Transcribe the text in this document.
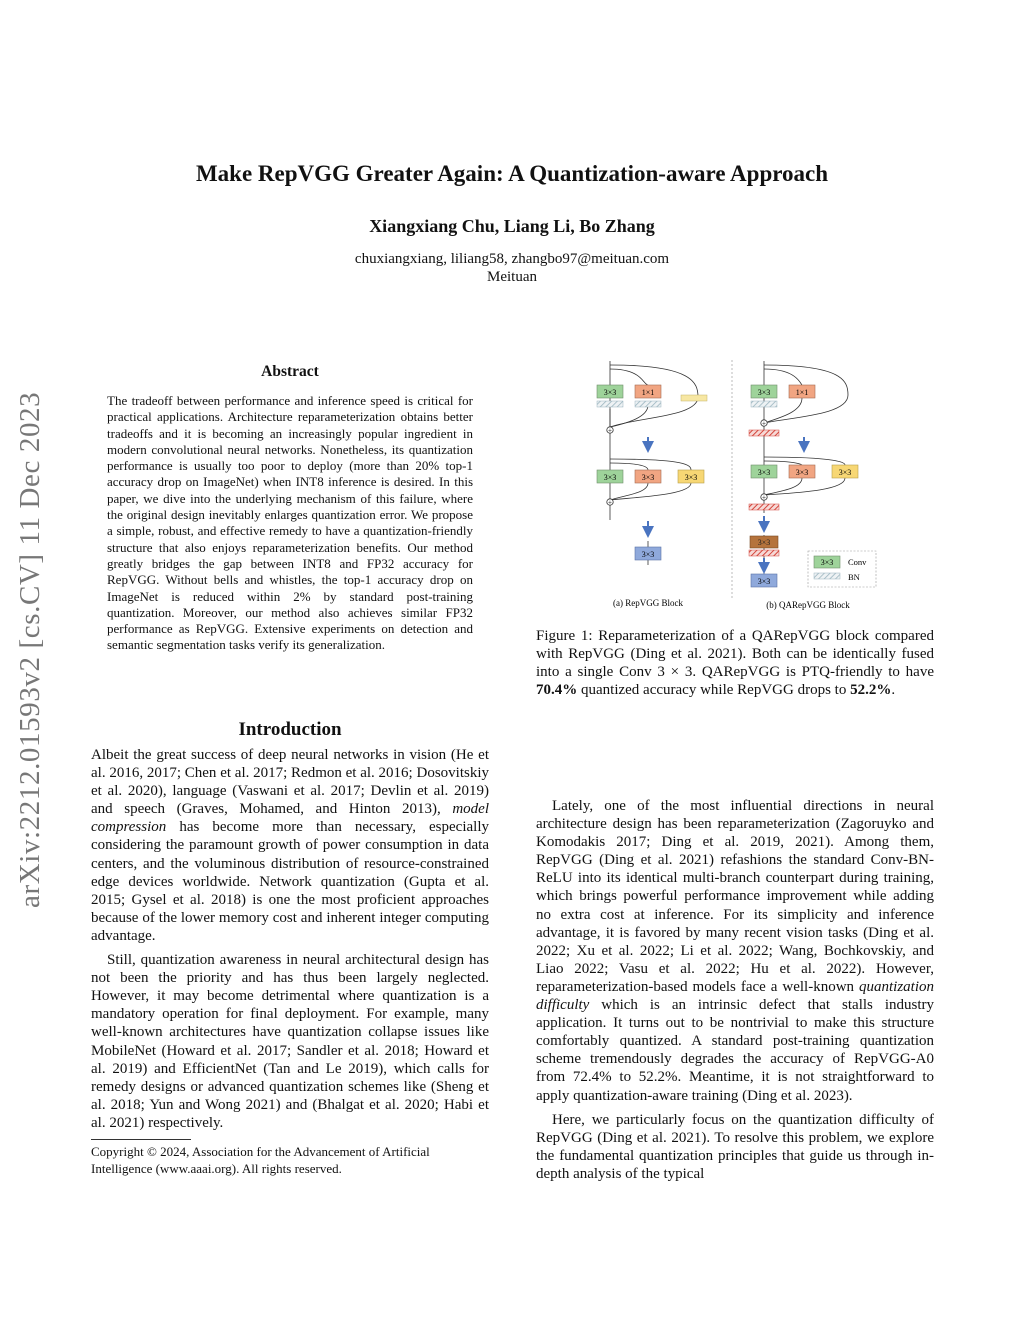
arXiv:2212.01593v2 [cs.CV] 11 Dec 2023
Make RepVGG Greater Again: A Quantization-aware Approach
Xiangxiang Chu, Liang Li, Bo Zhang
chuxiangxiang, liliang58, zhangbo97@meituan.com
Meituan
Abstract
The tradeoff between performance and inference speed is critical for practical applications. Architecture reparameterization obtains better tradeoffs and it is becoming an increasingly popular ingredient in modern convolutional neural networks. Nonetheless, its quantization performance is usually too poor to deploy (more than 20% top-1 accuracy drop on ImageNet) when INT8 inference is desired. In this paper, we dive into the underlying mechanism of this failure, where the original design inevitably enlarges quantization error. We propose a simple, robust, and effective remedy to have a quantization-friendly structure that also enjoys reparameterization benefits. Our method greatly bridges the gap between INT8 and FP32 accuracy for RepVGG. Without bells and whistles, the top-1 accuracy drop on ImageNet is reduced within 2% by standard post-training quantization. Moreover, our method also achieves similar FP32 performance as RepVGG. Extensive experiments on detection and semantic segmentation tasks verify its generalization.
Introduction

Albeit the great success of deep neural networks in vision (He et al. 2016, 2017; Chen et al. 2017; Redmon et al. 2016; Dosovitskiy et al. 2020), language (Vaswani et al. 2017; Devlin et al. 2019) and speech (Graves, Mohamed, and Hinton 2013), model compression has become more than necessary, especially considering the paramount growth of power consumption in data centers, and the voluminous distribution of resource-constrained edge devices worldwide. Network quantization (Gupta et al. 2015; Gysel et al. 2018) is one the most proficient approaches because of the lower memory cost and inherent integer computing advantage.

Still, quantization awareness in neural architectural design has not been the priority and has thus been largely neglected. However, it may become detrimental where quantization is a mandatory operation for final deployment. For example, many well-known architectures have quantization collapse issues like MobileNet (Howard et al. 2017; Sandler et al. 2018; Howard et al. 2019) and EfficientNet (Tan and Le 2019), which calls for remedy designs or advanced quantization schemes like (Sheng et al. 2018; Yun and Wong 2021) and (Bhalgat et al. 2020; Habi et al. 2021) respectively.

Copyright © 2024, Association for the Advancement of Artificial Intelligence (www.aaai.org). All rights reserved.
3×3	1×1
+
3×3	3×3	3×3
+
3×3
(a) RepVGG Block
3×3	1×1
+
3×3	3×3	3×3
+
3×3
3×3
3×3 Conv
BN
(b) QARepVGG Block
Figure 1: Reparameterization of a QARepVGG block compared with RepVGG (Ding et al. 2021). Both can be identically fused into a single Conv 3 × 3. QARepVGG is PTQ-friendly to have 70.4% quantized accuracy while RepVGG drops to 52.2%.

Lately, one of the most influential directions in neural architecture design has been reparameterization (Zagoruyko and Komodakis 2017; Ding et al. 2019, 2021). Among them, RepVGG (Ding et al. 2021) refashions the standard Conv-BN-ReLU into its identical multi-branch counterpart during training, which brings powerful performance improvement while adding no extra cost at inference. For its simplicity and inference advantage, it is favored by many recent vision tasks (Ding et al. 2022; Xu et al. 2022; Li et al. 2022; Wang, Bochkovskiy, and Liao 2022; Vasu et al. 2022; Hu et al. 2022). However, reparameterization-based models face a well-known quantization difficulty which is an intrinsic defect that stalls industry application. It turns out to be nontrivial to make this structure comfortably quantized. A standard post-training quantization scheme tremendously degrades the accuracy of RepVGG-A0 from 72.4% to 52.2%. Meantime, it is not straightforward to apply quantization-aware training (Ding et al. 2023).

Here, we particularly focus on the quantization difficulty of RepVGG (Ding et al. 2021). To resolve this problem, we explore the fundamental quantization principles that guide us through in-depth analysis of the typical
